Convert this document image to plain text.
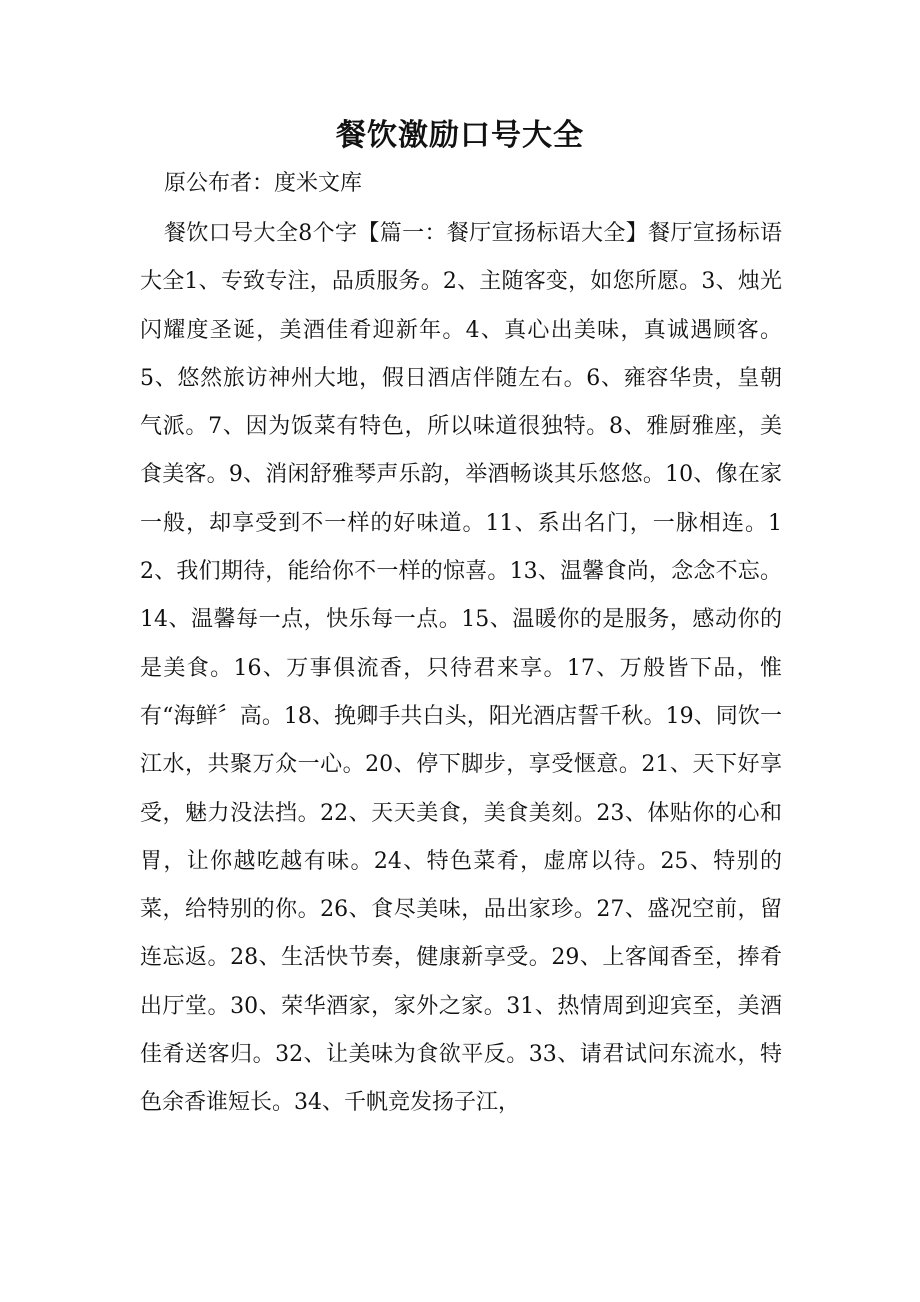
餐饮激励口号大全

原公布者：度米文库

餐饮口号大全8个字【篇一：餐厅宣扬标语大全】餐厅宣扬标语大全1、专致专注，品质服务。2、主随客变，如您所愿。3、烛光闪耀度圣诞，美酒佳肴迎新年。4、真心出美味，真诚遇顾客。5、悠然旅访神州大地，假日酒店伴随左右。6、雍容华贵，皇朝气派。7、因为饭菜有特色，所以味道很独特。8、雅厨雅座，美食美客。9、消闲舒雅琴声乐韵，举酒畅谈其乐悠悠。10、像在家一般，却享受到不一样的好味道。11、系出名门，一脉相连。12、我们期待，能给你不一样的惊喜。13、温馨食尚，念念不忘。14、温馨每一点，快乐每一点。15、温暖你的是服务，感动你的是美食。16、万事俱流香，只待君来享。17、万般皆下品，惟有“海鲜〞高。18、挽卿手共白头，阳光酒店誓千秋。19、同饮一江水，共聚万众一心。20、停下脚步，享受惬意。21、天下好享受，魅力没法挡。22、天天美食，美食美刻。23、体贴你的心和胃，让你越吃越有味。24、特色菜肴，虚席以待。25、特别的菜，给特别的你。26、食尽美味，品出家珍。27、盛况空前，留连忘返。28、生活快节奏，健康新享受。29、上客闻香至，捧肴出厅堂。30、荣华酒家，家外之家。31、热情周到迎宾至，美酒佳肴送客归。32、让美味为食欲平反。33、请君试问东流水，特色余香谁短长。34、千帆竞发扬子江，
